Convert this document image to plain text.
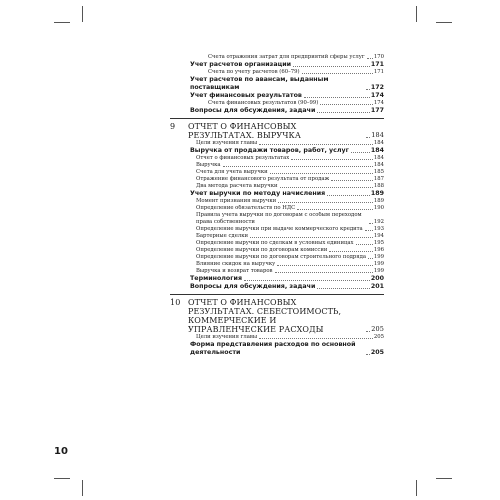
Счета отражения затрат для предприятий сферы услуг 170
Учет расчетов организации	171
Счета по учету расчетов (60–79)	171
Учет расчетов по авансам, выданным поставщикам	172
Учет финансовых результатов	174
Счета финансовых результатов (90–99)	174
Вопросы для обсуждения, задачи	177
9 ОТЧЕТ О ФИНАНСОВЫХ РЕЗУЛЬТАТАХ. ВЫРУЧКА	184
Цели изучения главы	184
Выручка от продажи товаров, работ, услуг	184
Отчет о финансовых результатах	184
Выручка	184
Счета для учета выручки	185
Отражение финансового результата от продаж	187
Два метода расчета выручки	188
Учет выручки по методу начисления	189
Момент признания выручки	189
Определение обязательств по НДС	190
Правила учета выручки по договорам с особым переходом права собственности	192
Определение выручки при выдаче коммерческого кредита 193
Бартерные сделки	194
Определение выручки по сделкам в условных единицах	195
Определение выручки по договорам комиссии	196
Определение выручки по договорам строительного подряда 199
Влияние скидок на выручку	199
Выручка и возврат товаров	199
Терминология	200
Вопросы для обсуждения, задачи	201
10 ОТЧЕТ О ФИНАНСОВЫХ РЕЗУЛЬТАТАХ. СЕБЕСТОИМОСТЬ, КОММЕРЧЕСКИЕ И УПРАВЛЕНЧЕСКИЕ РАСХОДЫ	205
Цели изучения главы	205
Форма представления расходов по основной деятельности	205
10
